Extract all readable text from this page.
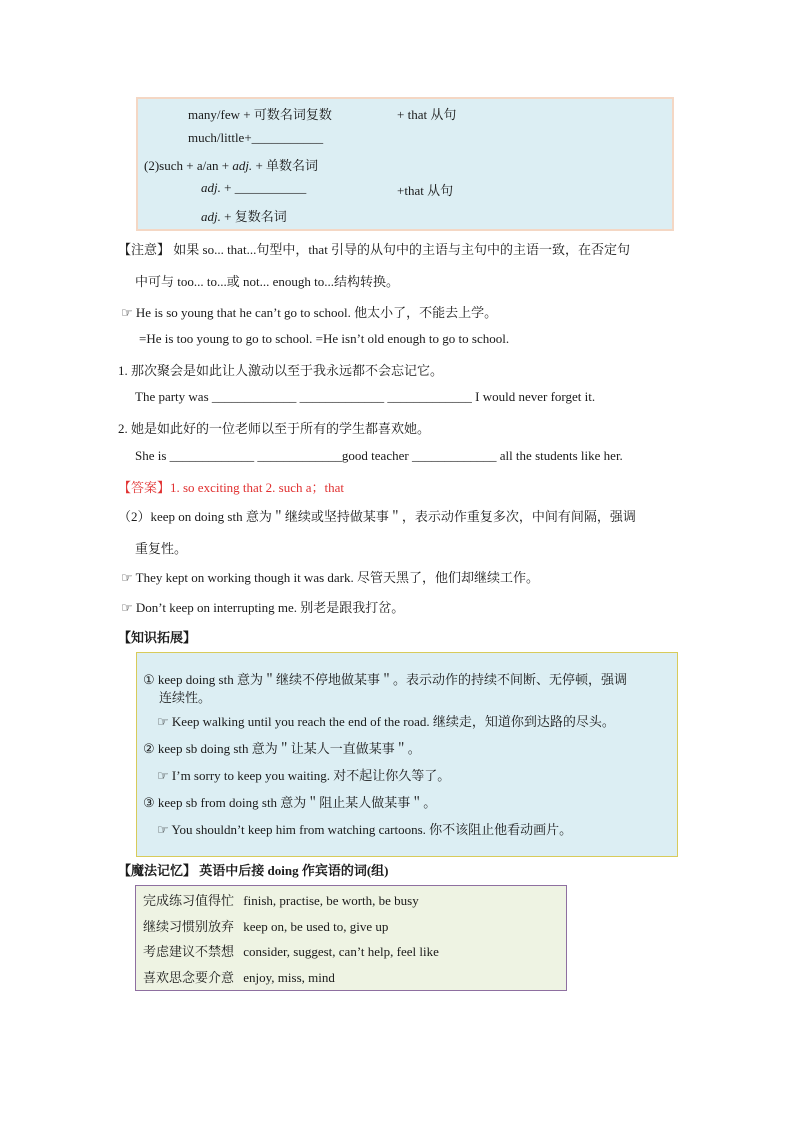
many/few + 可数名词复数	+ that 从句
much/little+___________
(2)such + a/an + adj. + 单数名词
adj. + ___________	+that 从句
adj. + 复数名词
【注意】 如果 so... that...句型中，that 引导的从句中的主语与主句中的主语一致，在否定句
中可与 too... to...或 not... enough to...结构转换。
☞ He is so young that he can’t go to school. 他太小了，不能去上学。
=He is too young to go to school. =He isn’t old enough to go to school.
1. 那次聚会是如此让人激动以至于我永远都不会忘记它。
The party was _____________ _____________ _____________ I would never forget it.
2. 她是如此好的一位老师以至于所有的学生都喜欢她。
She is _____________ _____________good teacher _____________ all the students like her.
【答案】1. so exciting that 2. such a；that
（2）keep on doing sth 意为＂继续或坚持做某事＂，表示动作重复多次，中间有间隔，强调
重复性。
☞ They kept on working though it was dark. 尽管天黑了，他们却继续工作。
☞ Don’t keep on interrupting me. 别老是跟我打岔。
【知识拓展】
① keep doing sth 意为＂继续不停地做某事＂。表示动作的持续不间断、无停顿，强调
连续性。
☞ Keep walking until you reach the end of the road. 继续走，知道你到达路的尽头。
② keep sb doing sth 意为＂让某人一直做某事＂。
☞ I’m sorry to keep you waiting. 对不起让你久等了。
③ keep sb from doing sth 意为＂阻止某人做某事＂。
☞ You shouldn’t keep him from watching cartoons. 你不该阻止他看动画片。
【魔法记忆】 英语中后接 doing 作宾语的词(组)
完成练习值得忙 finish, practise, be worth, be busy
继续习惯别放弃 keep on, be used to, give up
考虑建议不禁想 consider, suggest, can’t help, feel like
喜欢思念要介意 enjoy, miss, mind
